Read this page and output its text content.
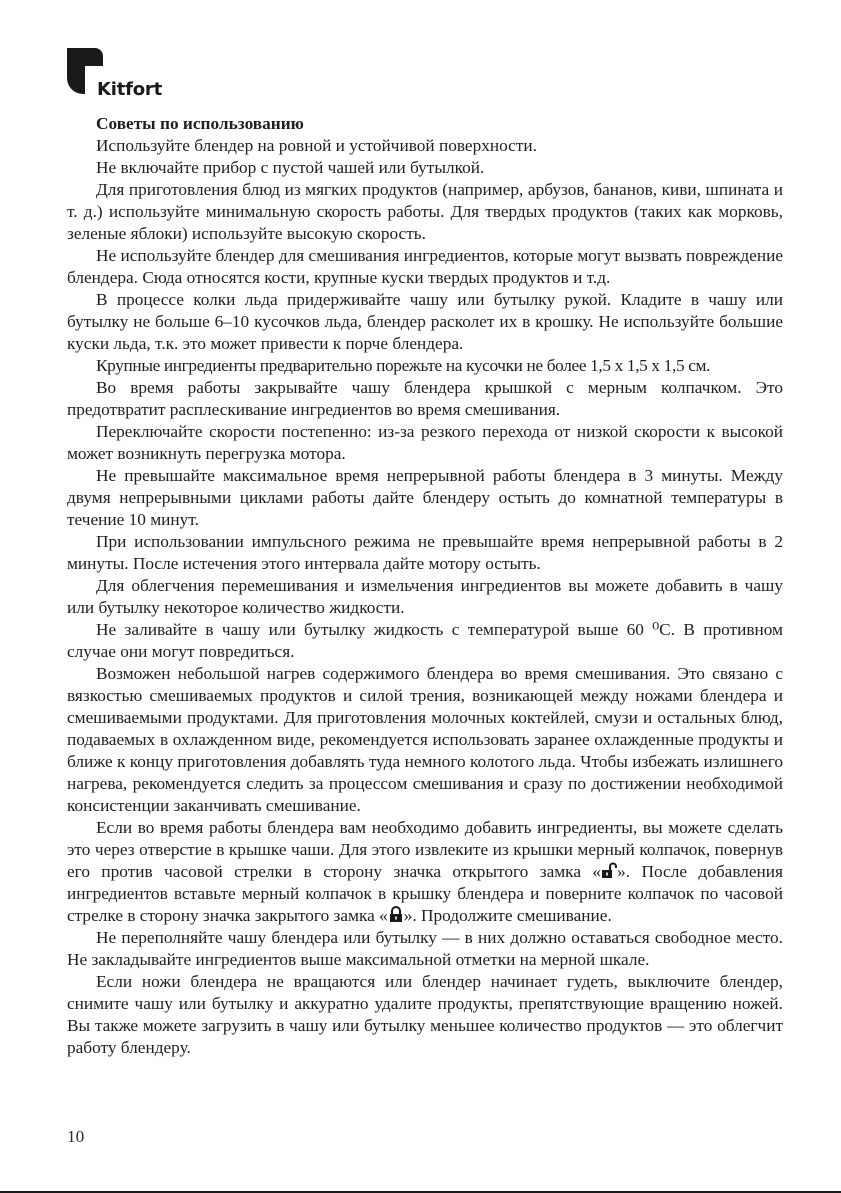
Kitfort

Советы по использованию

Используйте блендер на ровной и устойчивой поверхности.

Не включайте прибор с пустой чашей или бутылкой.

Для приготовления блюд из мягких продуктов (например, арбузов, бананов, киви, шпината и т. д.) используйте минимальную скорость работы. Для твердых продуктов (таких как морковь, зеленые яблоки) используйте высокую скорость.

Не используйте блендер для смешивания ингредиентов, которые могут вызвать повреждение блендера. Сюда относятся кости, крупные куски твердых продуктов и т.д.

В процессе колки льда придерживайте чашу или бутылку рукой. Кладите в чашу или бутылку не больше 6–10 кусочков льда, блендер расколет их в крошку. Не используйте большие куски льда, т.к. это может привести к порче блендера.

Крупные ингредиенты предварительно порежьте на кусочки не более 1,5 х 1,5 х 1,5 см.

Во время работы закрывайте чашу блендера крышкой с мерным колпачком. Это предотвратит расплескивание ингредиентов во время смешивания.

Переключайте скорости постепенно: из-за резкого перехода от низкой скорости к высокой может возникнуть перегрузка мотора.

Не превышайте максимальное время непрерывной работы блендера в 3 минуты. Между двумя непрерывными циклами работы дайте блендеру остыть до комнатной температуры в течение 10 минут.

При использовании импульсного режима не превышайте время непрерывной работы в 2 минуты. После истечения этого интервала дайте мотору остыть.

Для облегчения перемешивания и измельчения ингредиентов вы можете добавить в чашу или бутылку некоторое количество жидкости.

Не заливайте в чашу или бутылку жидкость с температурой выше 60 ⁰С. В противном случае они могут повредиться.

Возможен небольшой нагрев содержимого блендера во время смешивания. Это связано с вязкостью смешиваемых продуктов и силой трения, возникающей между ножами блендера и смешиваемыми продуктами. Для приготовления молочных коктейлей, смузи и остальных блюд, подаваемых в охлажденном виде, рекомендуется использовать заранее охлажденные продукты и ближе к концу приготовления добавлять туда немного колотого льда. Чтобы избежать излишнего нагрева, рекомендуется следить за процессом смешивания и сразу по достижении необходимой консистенции заканчивать смешивание.

Если во время работы блендера вам необходимо добавить ингредиенты, вы можете сделать это через отверстие в крышке чаши. Для этого извлеките из крышки мерный колпачок, повернув его против часовой стрелки в сторону значка открытого замка « ». После добавления ингредиентов вставьте мерный колпачок в крышку блендера и поверните колпачок по часовой стрелке в сторону значка закрытого замка « ». Продолжите смешивание.

Не переполняйте чашу блендера или бутылку — в них должно оставаться свободное место. Не закладывайте ингредиентов выше максимальной отметки на мерной шкале.

Если ножи блендера не вращаются или блендер начинает гудеть, выключите блендер, снимите чашу или бутылку и аккуратно удалите продукты, препятствующие вращению ножей. Вы также можете загрузить в чашу или бутылку меньшее количество продуктов — это облегчит работу блендеру.

10
